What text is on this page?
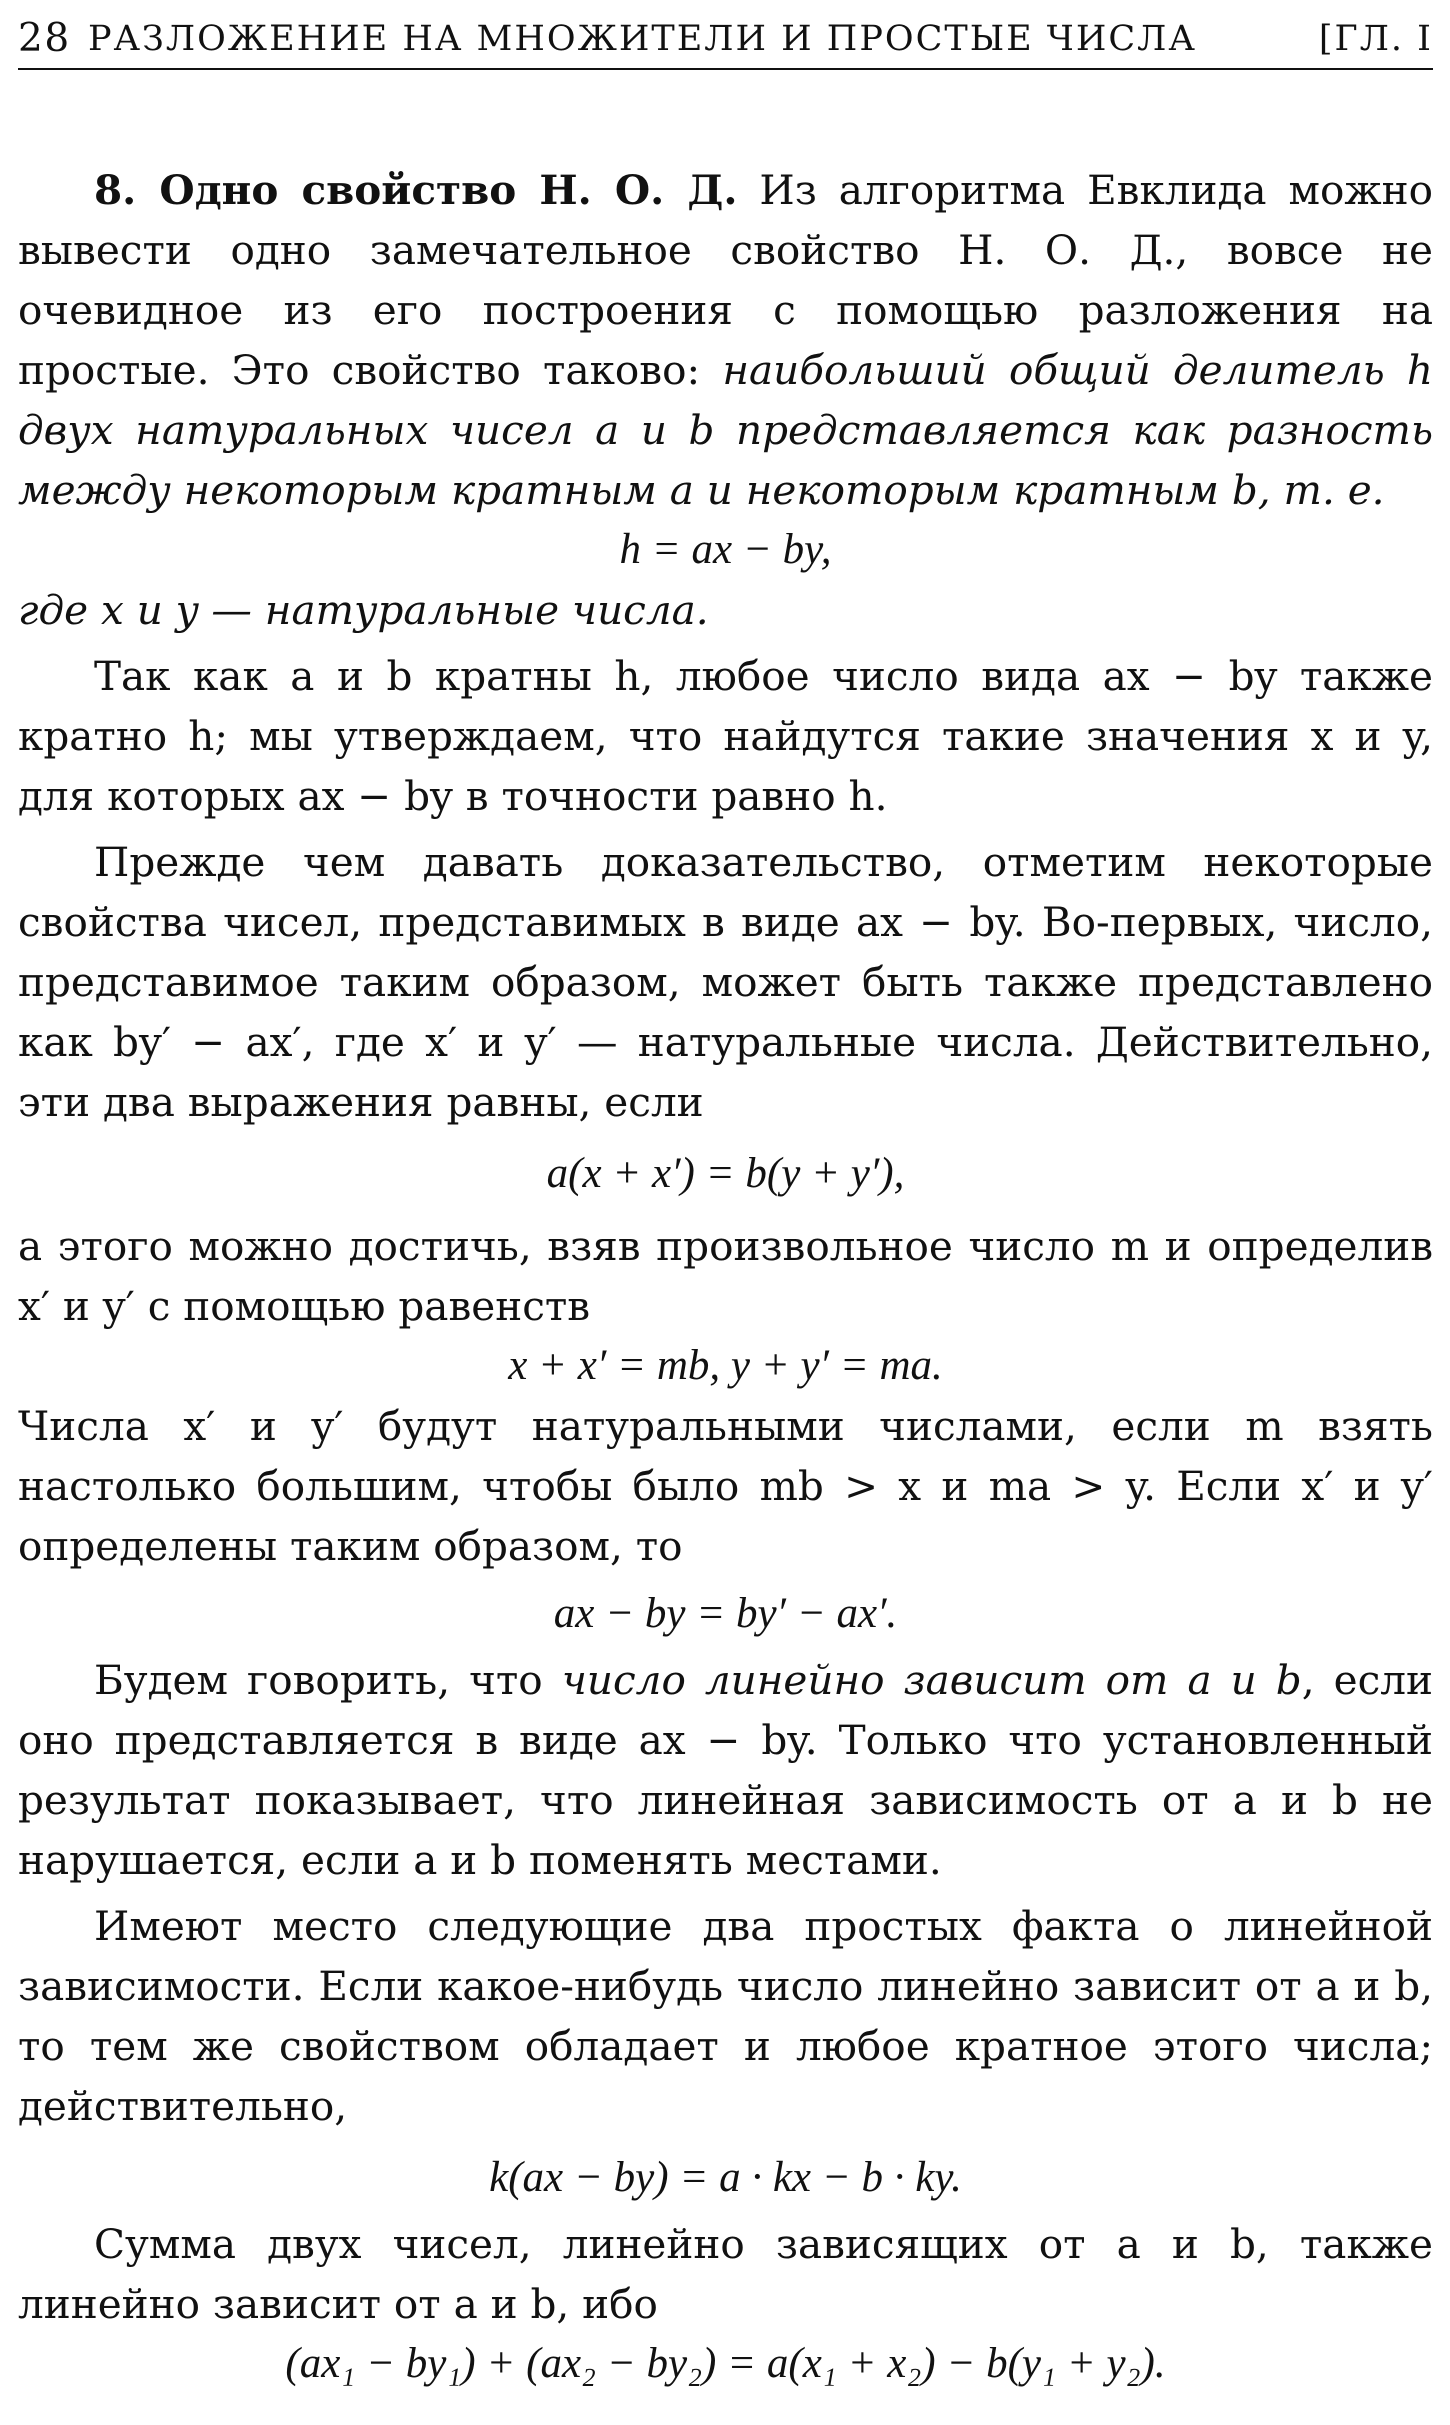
28 РАЗЛОЖЕНИЕ НА МНОЖИТЕЛИ И ПРОСТЫЕ ЧИСЛА	[ГЛ. I

8. Одно свойство Н. О. Д. Из алгоритма Евклида можно вывести одно замечательное свойство Н. О. Д., вовсе не очевидное из его построения с помощью разложения на простые. Это свойство таково: наибольший общий делитель h двух натуральных чисел a и b представляется как разность между некоторым кратным a и некоторым кратным b, т. е.

h = ax − by,

где x и y — натуральные числа.

Так как a и b кратны h, любое число вида ax − by также кратно h; мы утверждаем, что найдутся такие значения x и y, для которых ax − by в точности равно h.

Прежде чем давать доказательство, отметим некоторые свойства чисел, представимых в виде ax − by. Во-первых, число, представимое таким образом, может быть также представлено как by′ − ax′, где x′ и y′ — натуральные числа. Действительно, эти два выражения равны, если

a(x + x′) = b(y + y′),

а этого можно достичь, взяв произвольное число m и определив x′ и y′ с помощью равенств

x + x′ = mb, y + y′ = ma.

Числа x′ и y′ будут натуральными числами, если m взять настолько большим, чтобы было mb > x и ma > y. Если x′ и y′ определены таким образом, то

ax − by = by′ − ax′.

Будем говорить, что число линейно зависит от a и b, если оно представляется в виде ax − by. Только что установленный результат показывает, что линейная зависимость от a и b не нарушается, если a и b поменять местами.

Имеют место следующие два простых факта о линейной зависимости. Если какое-нибудь число линейно зависит от a и b, то тем же свойством обладает и любое кратное этого числа; действительно,

k(ax − by) = a · kx − b · ky.

Сумма двух чисел, линейно зависящих от a и b, также линейно зависит от a и b, ибо

(ax₁ − by₁) + (ax₂ − by₂) = a(x₁ + x₂) − b(y₁ + y₂).
